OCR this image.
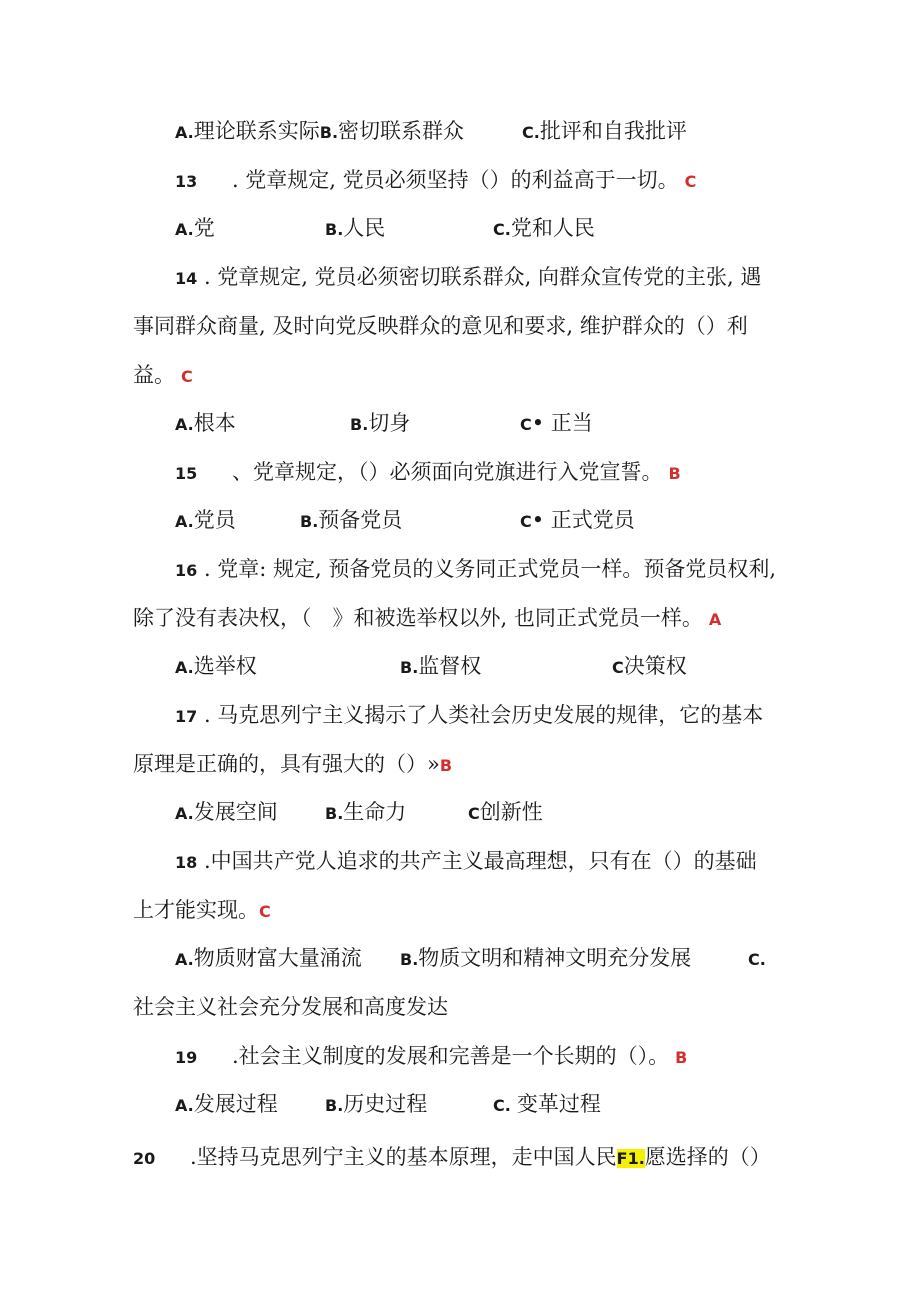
A.理论联系实际B.密切联系群众	C.批评和自我批评
13 . 党章规定, 党员必须坚持（）的利益高于一切。 C
A.党	B.人民	C.党和人民
14 . 党章规定, 党员必须密切联系群众, 向群众宣传党的主张, 遇
事同群众商量, 及时向党反映群众的意见和要求, 维护群众的（）利
益。 C
A.根本	B.切身	C• 正当
15 、党章规定，（）必须面向党旗进行入党宣誓。 B
A.党员	B.预备党员	C• 正式党员
16 . 党章: 规定, 预备党员的义务同正式党员一样。预备党员权利,
除了没有表决权，（　》和被选举权以外, 也同正式党员一样。 A
A.选举权	B.监督权	C决策权
17 . 马克思列宁主义揭示了人类社会历史发展的规律，它的基本
原理是正确的，具有强大的（）»B
A.发展空间	B.生命力	C创新性
18 .中国共产党人追求的共产主义最高理想，只有在（）的基础
上才能实现。C
A.物质财富大量涌流 B.物质文明和精神文明充分发展	C.
社会主义社会充分发展和高度发达
19 .社会主义制度的发展和完善是一个长期的（）。 B
A.发展过程	B.历史过程	C. 变革过程
20 .坚持马克思列宁主义的基本原理，走中国人民F1.愿选择的（）
